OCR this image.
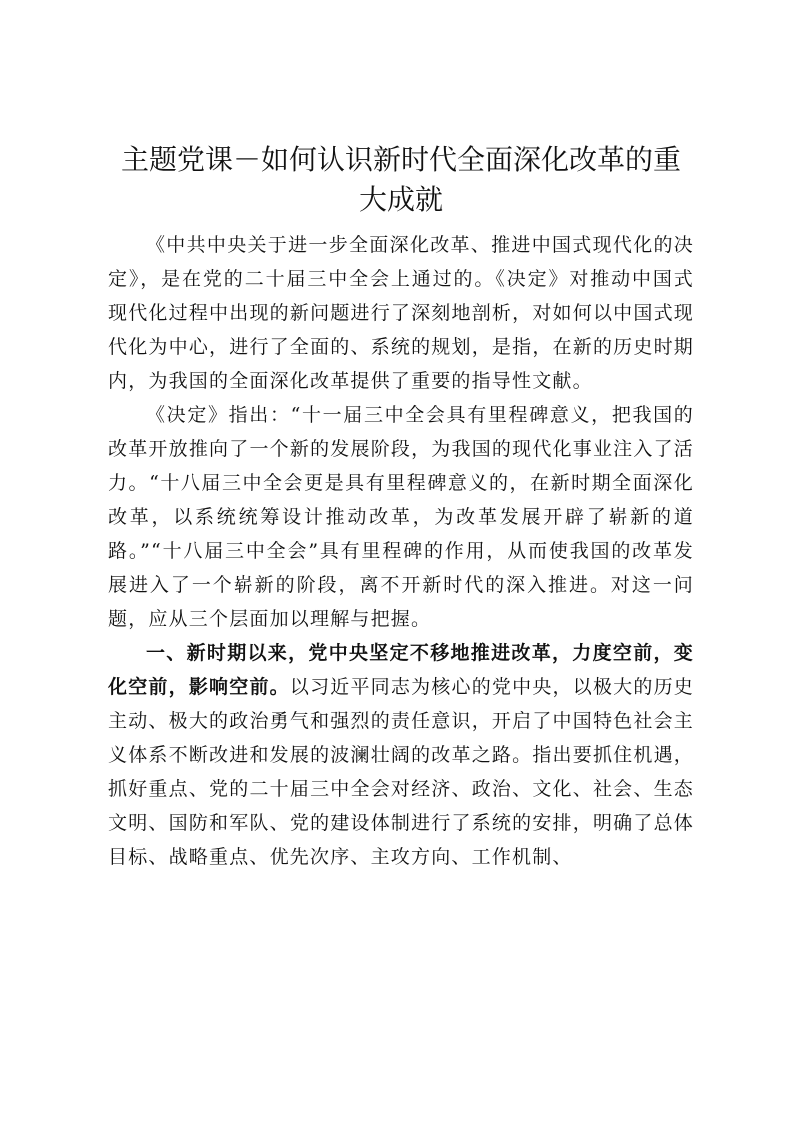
主题党课－如何认识新时代全面深化改革的重大成就

《中共中央关于进一步全面深化改革、推进中国式现代化的决定》，是在党的二十届三中全会上通过的。《决定》对推动中国式现代化过程中出现的新问题进行了深刻地剖析，对如何以中国式现代化为中心，进行了全面的、系统的规划，是指，在新的历史时期内，为我国的全面深化改革提供了重要的指导性文献。

《决定》指出：“十一届三中全会具有里程碑意义，把我国的改革开放推向了一个新的发展阶段，为我国的现代化事业注入了活力。“十八届三中全会更是具有里程碑意义的，在新时期全面深化改革，以系统统筹设计推动改革，为改革发展开辟了崭新的道路。”“十八届三中全会”具有里程碑的作用，从而使我国的改革发展进入了一个崭新的阶段，离不开新时代的深入推进。对这一问题，应从三个层面加以理解与把握。

一、新时期以来，党中央坚定不移地推进改革，力度空前，变化空前，影响空前。以习近平同志为核心的党中央，以极大的历史主动、极大的政治勇气和强烈的责任意识，开启了中国特色社会主义体系不断改进和发展的波澜壮阔的改革之路。指出要抓住机遇，抓好重点、党的二十届三中全会对经济、政治、文化、社会、生态文明、国防和军队、党的建设体制进行了系统的安排，明确了总体目标、战略重点、优先次序、主攻方向、工作机制、
